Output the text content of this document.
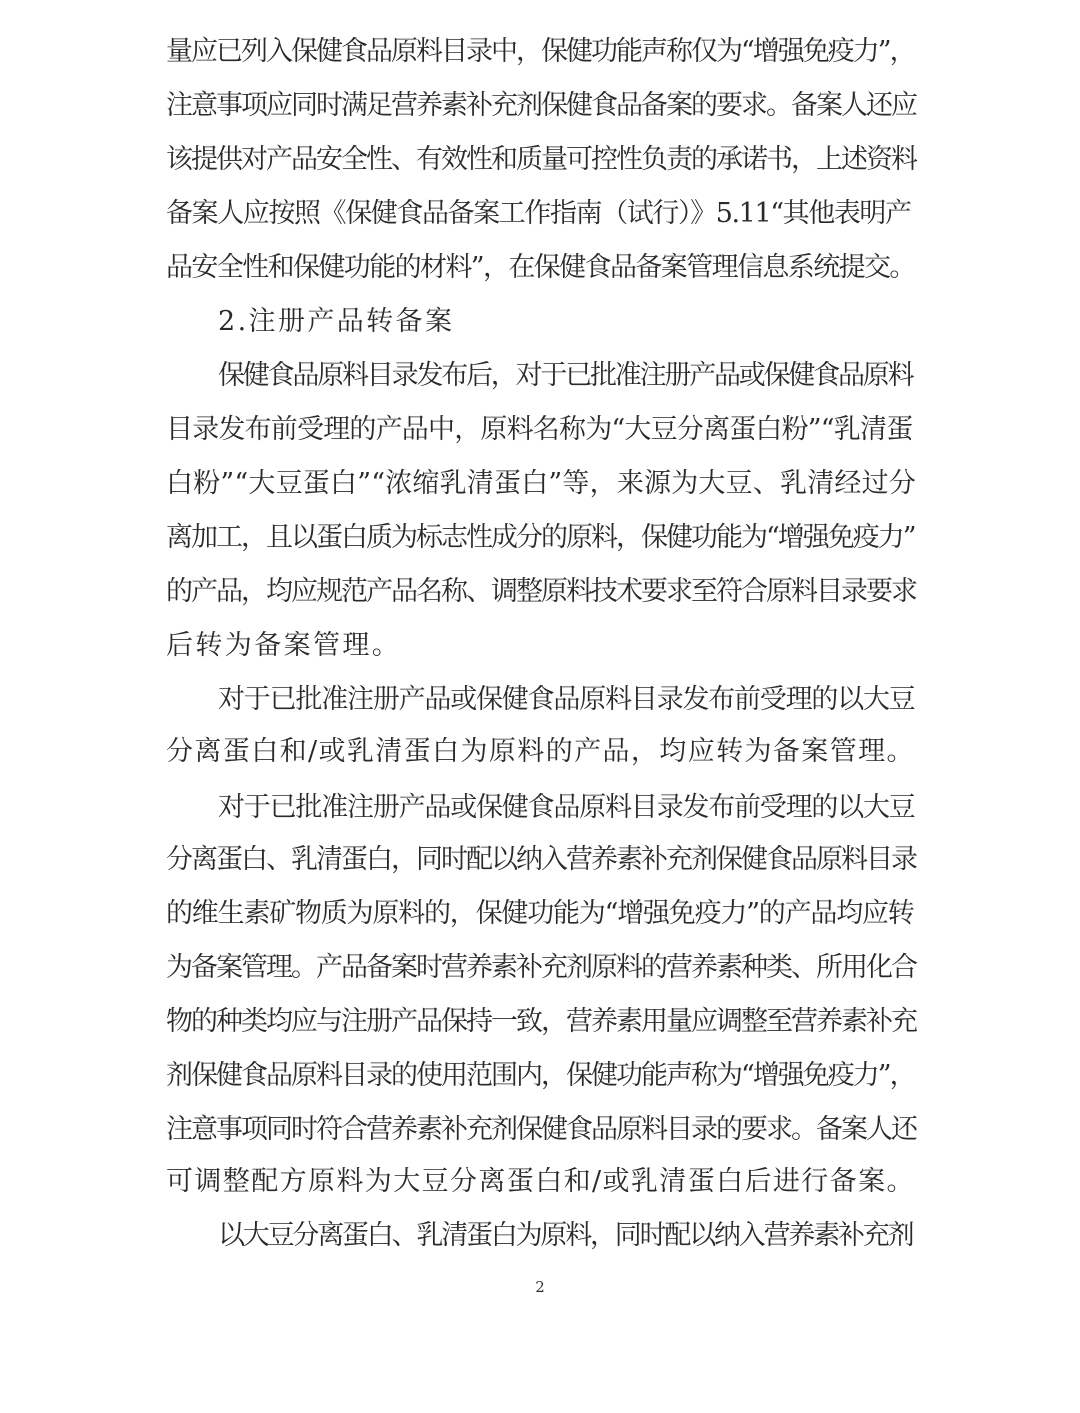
量应已列入保健食品原料目录中，保健功能声称仅为“增强免疫力”，
注意事项应同时满足营养素补充剂保健食品备案的要求。备案人还应
该提供对产品安全性、有效性和质量可控性负责的承诺书，上述资料
备案人应按照《保健食品备案工作指南（试行）》5.11“其他表明产
品安全性和保健功能的材料”，在保健食品备案管理信息系统提交。
2.注册产品转备案
保健食品原料目录发布后，对于已批准注册产品或保健食品原料
目录发布前受理的产品中，原料名称为“大豆分离蛋白粉”“乳清蛋
白粉”“大豆蛋白”“浓缩乳清蛋白”等，来源为大豆、乳清经过分
离加工，且以蛋白质为标志性成分的原料，保健功能为“增强免疫力”
的产品，均应规范产品名称、调整原料技术要求至符合原料目录要求
后转为备案管理。
对于已批准注册产品或保健食品原料目录发布前受理的以大豆
分离蛋白和/或乳清蛋白为原料的产品，均应转为备案管理。
对于已批准注册产品或保健食品原料目录发布前受理的以大豆
分离蛋白、乳清蛋白，同时配以纳入营养素补充剂保健食品原料目录
的维生素矿物质为原料的，保健功能为“增强免疫力”的产品均应转
为备案管理。产品备案时营养素补充剂原料的营养素种类、所用化合
物的种类均应与注册产品保持一致，营养素用量应调整至营养素补充
剂保健食品原料目录的使用范围内，保健功能声称为“增强免疫力”，
注意事项同时符合营养素补充剂保健食品原料目录的要求。备案人还
可调整配方原料为大豆分离蛋白和/或乳清蛋白后进行备案。
以大豆分离蛋白、乳清蛋白为原料，同时配以纳入营养素补充剂
2
